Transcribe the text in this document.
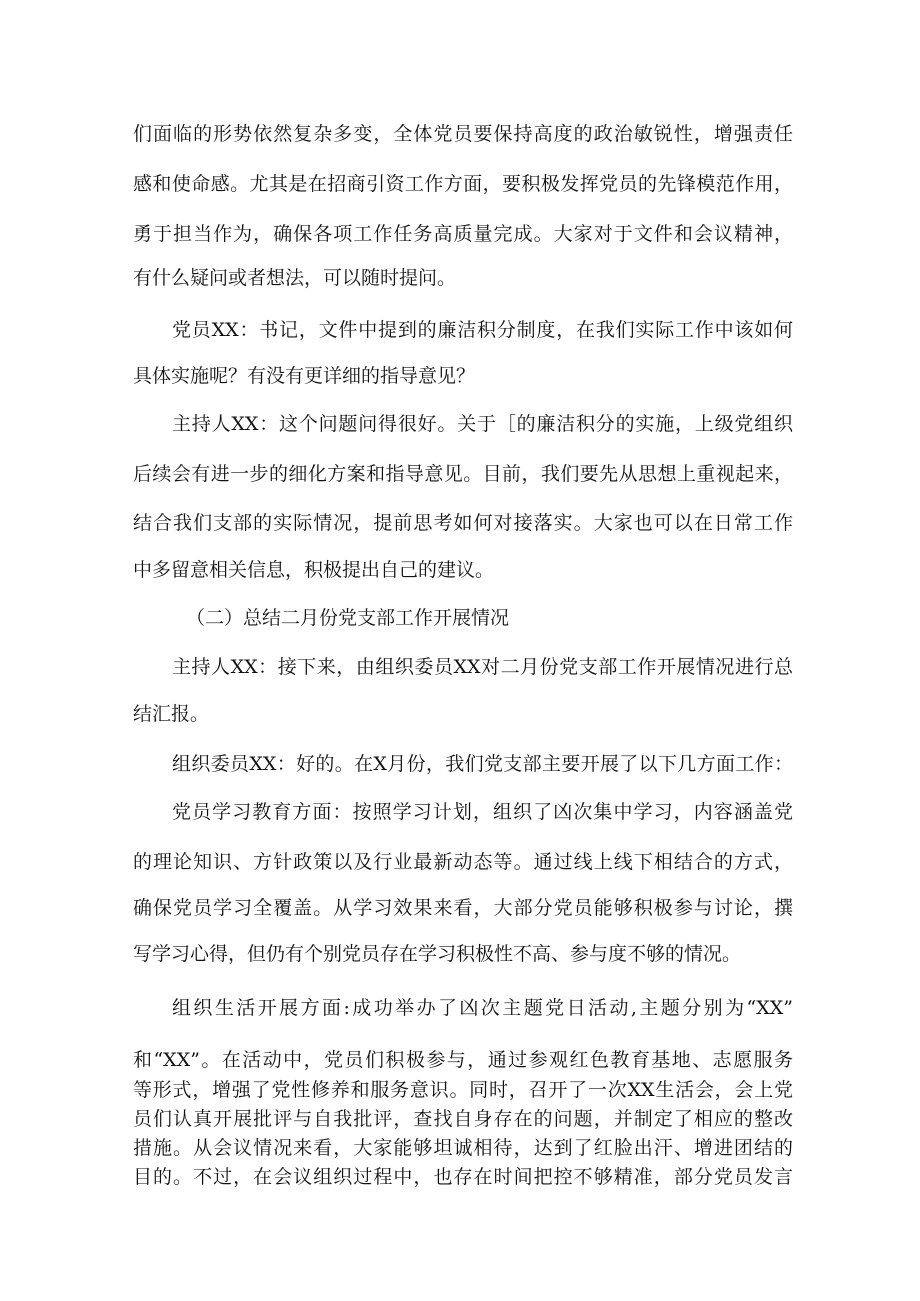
们面临的形势依然复杂多变，全体党员要保持高度的政治敏锐性，增强责任
感和使命感。尤其是在招商引资工作方面，要积极发挥党员的先锋模范作用，
勇于担当作为，确保各项工作任务高质量完成。大家对于文件和会议精神，
有什么疑问或者想法，可以随时提问。
党员XX：书记，文件中提到的廉洁积分制度，在我们实际工作中该如何
具体实施呢？有没有更详细的指导意见？
主持人XX：这个问题问得很好。关于［的廉洁积分的实施，上级党组织
后续会有进一步的细化方案和指导意见。目前，我们要先从思想上重视起来，
结合我们支部的实际情况，提前思考如何对接落实。大家也可以在日常工作
中多留意相关信息，积极提出自己的建议。
（二）总结二月份党支部工作开展情况
主持人XX：接下来，由组织委员XX对二月份党支部工作开展情况进行总
结汇报。
组织委员XX：好的。在X月份，我们党支部主要开展了以下几方面工作：
党员学习教育方面：按照学习计划，组织了凶次集中学习，内容涵盖党
的理论知识、方针政策以及行业最新动态等。通过线上线下相结合的方式，
确保党员学习全覆盖。从学习效果来看，大部分党员能够积极参与讨论，撰
写学习心得，但仍有个别党员存在学习积极性不高、参与度不够的情况。
组织生活开展方面:成功举办了凶次主题党日活动,主题分别为“XX”
和“XX”。在活动中，党员们积极参与，通过参观红色教育基地、志愿服务
等形式，增强了党性修养和服务意识。同时，召开了一次XX生活会，会上党
员们认真开展批评与自我批评，查找自身存在的问题，并制定了相应的整改
措施。从会议情况来看，大家能够坦诚相待，达到了红脸出汗、增进团结的
目的。不过，在会议组织过程中，也存在时间把控不够精准，部分党员发言
